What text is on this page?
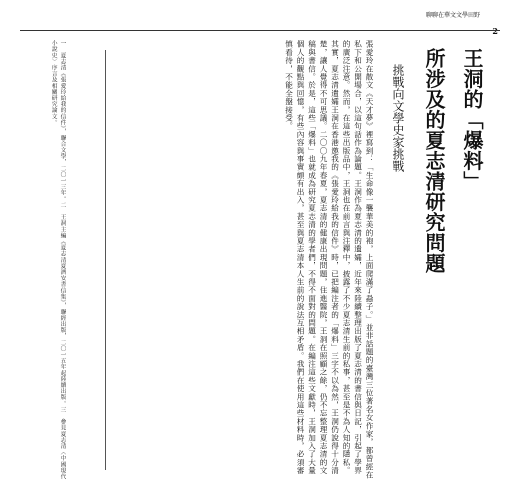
聊聊在華文文學田野
2
王洞的「爆料」
所涉及的夏志清研究問題
挑戰向文學史家挑戰
張愛玲在散文《天才夢》裡寫到：「生命像一襲華美的袍，上面爬滿了蝨子。」並非話題的臺灣三位著名女作家，都曾經在私下和公開場合，以這句話作為論題。王洞作為夏志清的遺孀，近年來陸續整理出版了夏志清的書信與日記，引起了學界的廣泛注意。然而，在這些出版品中，王洞也在前言與注釋中，披露了不少夏志清生前的私事，甚至是不為人知的隱私。其實，夏志清遺孀王洞在香港邀我的《張愛玲給我的信件》時，已把編注者的「爆料」三字不以為然，王洞仍說得十分清楚，讓人覺得不可思議。二〇〇九年春夏，夏志清的健康出現問題，住進醫院，王洞在照顧之餘，仍不忘整理夏志清的文稿與書信。於是，這些「爆料」也就成為研究夏志清的學者們，不得不面對的問題。在編注這些文獻時，王洞加入了大量個人的觀點與回憶，有些內容與事實頗有出入，甚至與夏志清本人生前的說法互相矛盾。我們在使用這些材料時，必須審慎看待，不能全盤接受。
一　夏志清《張愛玲給我的信件》，聯合文學，二〇一三年。二　王洞主編《夏志清夏濟安書信集》，聯經出版，二〇一五年起陸續出版。三　參見夏志清〈中國現代小說史〉序言及相關研究論文。
